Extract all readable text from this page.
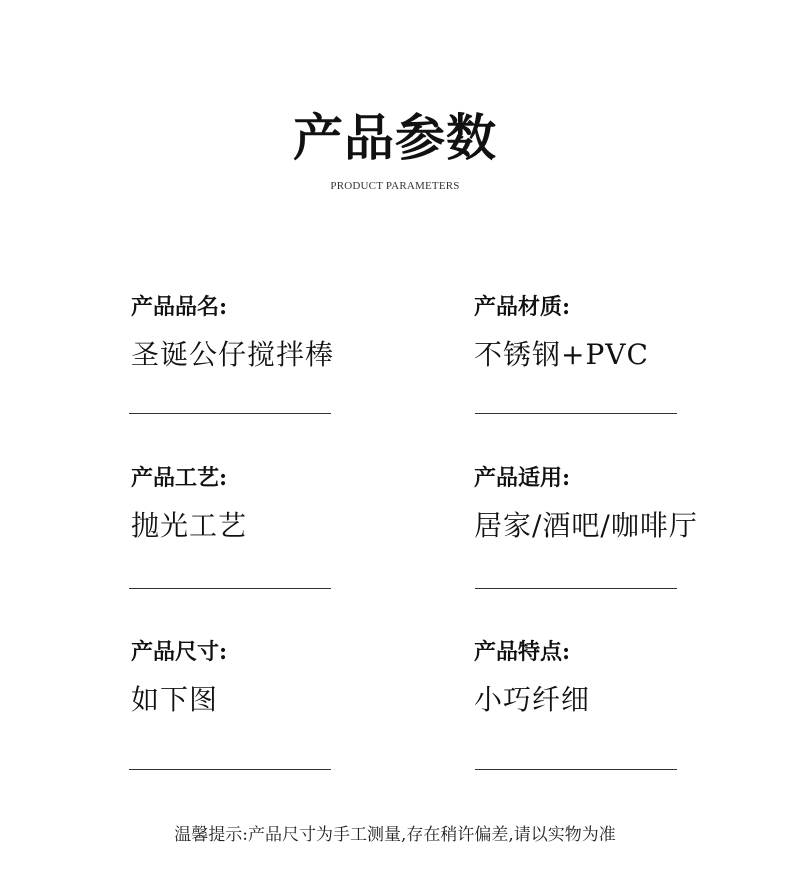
产品参数
PRODUCT PARAMETERS
产品品名:
圣诞公仔搅拌棒
产品材质:
不锈钢+PVC
产品工艺:
抛光工艺
产品适用:
居家/酒吧/咖啡厅
产品尺寸:
如下图
产品特点:
小巧纤细
温馨提示:产品尺寸为手工测量,存在稍许偏差,请以实物为准
